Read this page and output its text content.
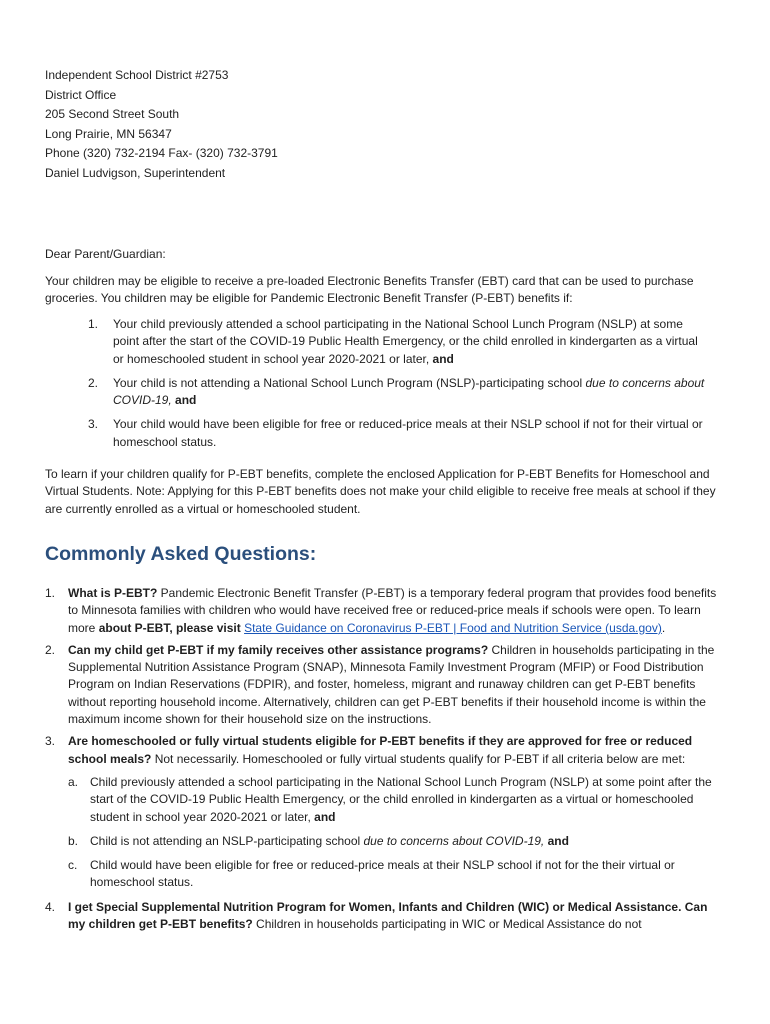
Independent School District #2753
District Office
205 Second Street South
Long Prairie, MN 56347
Phone (320) 732-2194 Fax- (320) 732-3791
Daniel Ludvigson, Superintendent
Dear Parent/Guardian:

Your children may be eligible to receive a pre-loaded Electronic Benefits Transfer (EBT) card that can be used to purchase groceries. You children may be eligible for Pandemic Electronic Benefit Transfer (P-EBT) benefits if:

1. Your child previously attended a school participating in the National School Lunch Program (NSLP) at some point after the start of the COVID-19 Public Health Emergency, or the child enrolled in kindergarten as a virtual or homeschooled student in school year 2020-2021 or later, and
2. Your child is not attending a National School Lunch Program (NSLP)-participating school due to concerns about COVID-19, and
3. Your child would have been eligible for free or reduced-price meals at their NSLP school if not for their virtual or homeschool status.

To learn if your children qualify for P-EBT benefits, complete the enclosed Application for P-EBT Benefits for Homeschool and Virtual Students. Note: Applying for this P-EBT benefits does not make your child eligible to receive free meals at school if they are currently enrolled as a virtual or homeschooled student.

Commonly Asked Questions:
1. What is P-EBT? Pandemic Electronic Benefit Transfer (P-EBT) is a temporary federal program that provides food benefits to Minnesota families with children who would have received free or reduced-price meals if schools were open. To learn more about P-EBT, please visit State Guidance on Coronavirus P-EBT | Food and Nutrition Service (usda.gov).
2. Can my child get P-EBT if my family receives other assistance programs? Children in households participating in the Supplemental Nutrition Assistance Program (SNAP), Minnesota Family Investment Program (MFIP) or Food Distribution Program on Indian Reservations (FDPIR), and foster, homeless, migrant and runaway children can get P-EBT benefits without reporting household income. Alternatively, children can get P-EBT benefits if their household income is within the maximum income shown for their household size on the instructions.
3. Are homeschooled or fully virtual students eligible for P-EBT benefits if they are approved for free or reduced school meals? Not necessarily. Homeschooled or fully virtual students qualify for P-EBT if all criteria below are met:
a. Child previously attended a school participating in the National School Lunch Program (NSLP) at some point after the start of the COVID-19 Public Health Emergency, or the child enrolled in kindergarten as a virtual or homeschooled student in school year 2020-2021 or later, and
b. Child is not attending an NSLP-participating school due to concerns about COVID-19, and
c. Child would have been eligible for free or reduced-price meals at their NSLP school if not for the their virtual or homeschool status.
4. I get Special Supplemental Nutrition Program for Women, Infants and Children (WIC) or Medical Assistance. Can my children get P-EBT benefits? Children in households participating in WIC or Medical Assistance do not
